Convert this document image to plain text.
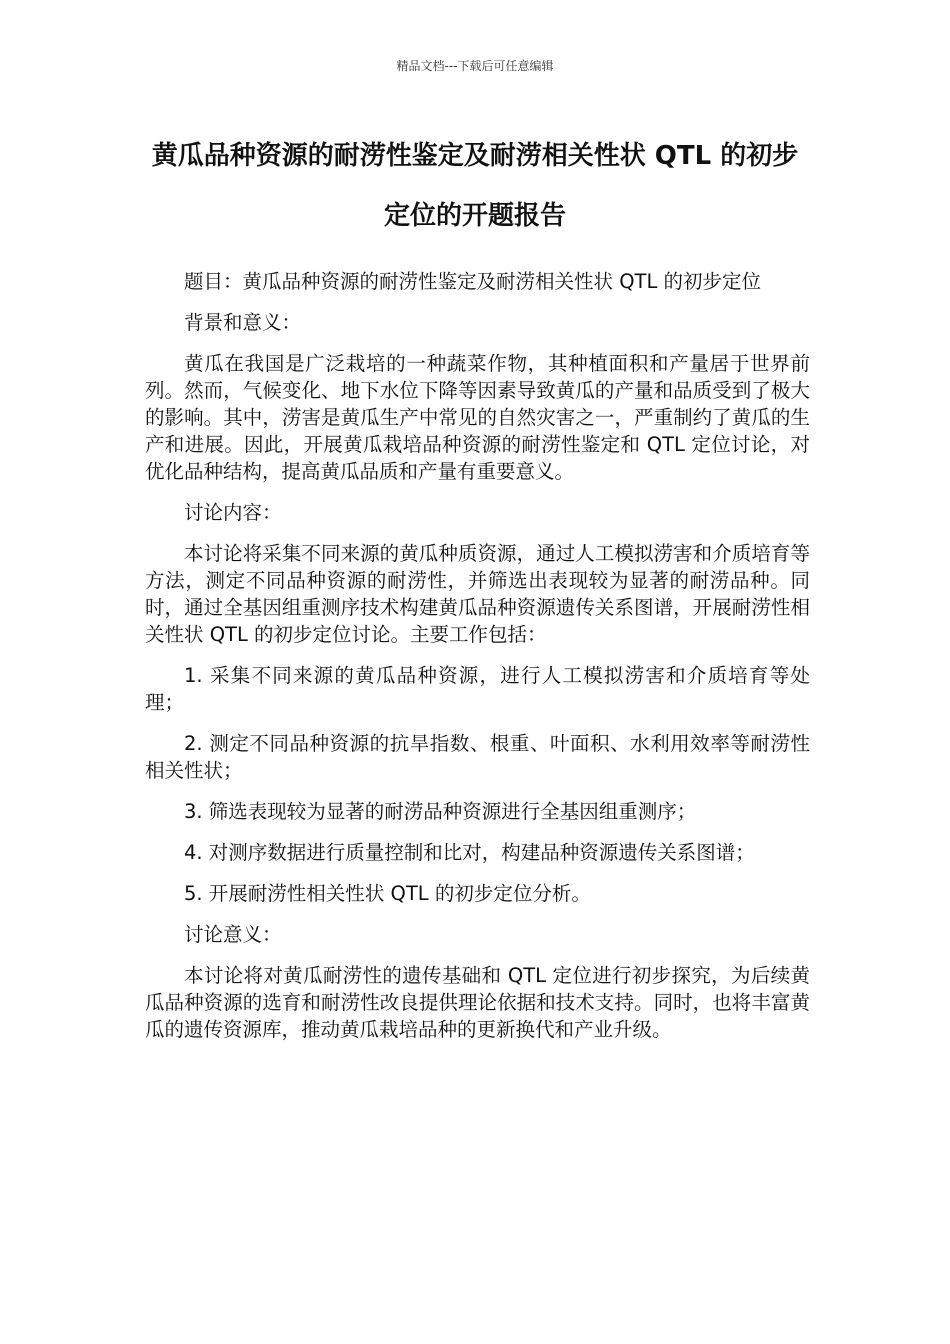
精品文档---下载后可任意编辑
黄瓜品种资源的耐涝性鉴定及耐涝相关性状 QTL 的初步定位的开题报告

题目：黄瓜品种资源的耐涝性鉴定及耐涝相关性状 QTL 的初步定位

背景和意义：

黄瓜在我国是广泛栽培的一种蔬菜作物，其种植面积和产量居于世界前列。然而，气候变化、地下水位下降等因素导致黄瓜的产量和品质受到了极大的影响。其中，涝害是黄瓜生产中常见的自然灾害之一，严重制约了黄瓜的生产和进展。因此，开展黄瓜栽培品种资源的耐涝性鉴定和 QTL 定位讨论，对优化品种结构，提高黄瓜品质和产量有重要意义。

讨论内容：

本讨论将采集不同来源的黄瓜种质资源，通过人工模拟涝害和介质培育等方法，测定不同品种资源的耐涝性，并筛选出表现较为显著的耐涝品种。同时，通过全基因组重测序技术构建黄瓜品种资源遗传关系图谱，开展耐涝性相关性状 QTL 的初步定位讨论。主要工作包括：

1. 采集不同来源的黄瓜品种资源，进行人工模拟涝害和介质培育等处理；

2. 测定不同品种资源的抗旱指数、根重、叶面积、水利用效率等耐涝性相关性状；

3. 筛选表现较为显著的耐涝品种资源进行全基因组重测序；

4. 对测序数据进行质量控制和比对，构建品种资源遗传关系图谱；

5. 开展耐涝性相关性状 QTL 的初步定位分析。

讨论意义：

本讨论将对黄瓜耐涝性的遗传基础和 QTL 定位进行初步探究，为后续黄瓜品种资源的选育和耐涝性改良提供理论依据和技术支持。同时，也将丰富黄瓜的遗传资源库，推动黄瓜栽培品种的更新换代和产业升级。
